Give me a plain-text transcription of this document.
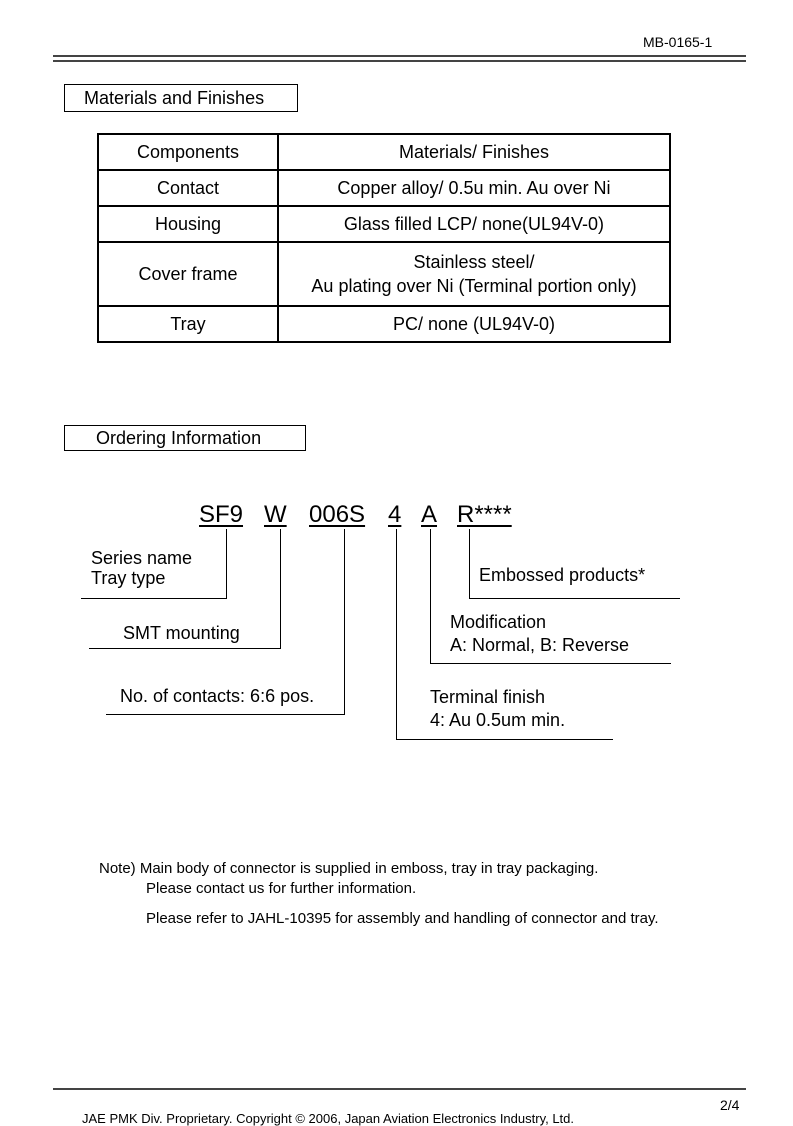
MB-0165-1
Materials and Finishes
Components	Materials/ Finishes
Contact	Copper alloy/ 0.5u min. Au over Ni
Housing	Glass filled LCP/ none(UL94V-0)
Cover frame	Stainless steel/
Au plating over Ni (Terminal portion only)

Tray	PC/ none (UL94V-0)
Ordering Information
SF9 W 006S 4 A R****
Series name
Tray type
SMT mounting
No. of contacts: 6:6 pos.
Embossed products*
Modification
A: Normal, B: Reverse
Terminal finish
4: Au 0.5um min.
Note) Main body of connector is supplied in emboss, tray in tray packaging.
Please contact us for further information.
Please refer to JAHL-10395 for assembly and handling of connector and tray.
2/4
JAE PMK Div. Proprietary. Copyright © 2006, Japan Aviation Electronics Industry, Ltd.
